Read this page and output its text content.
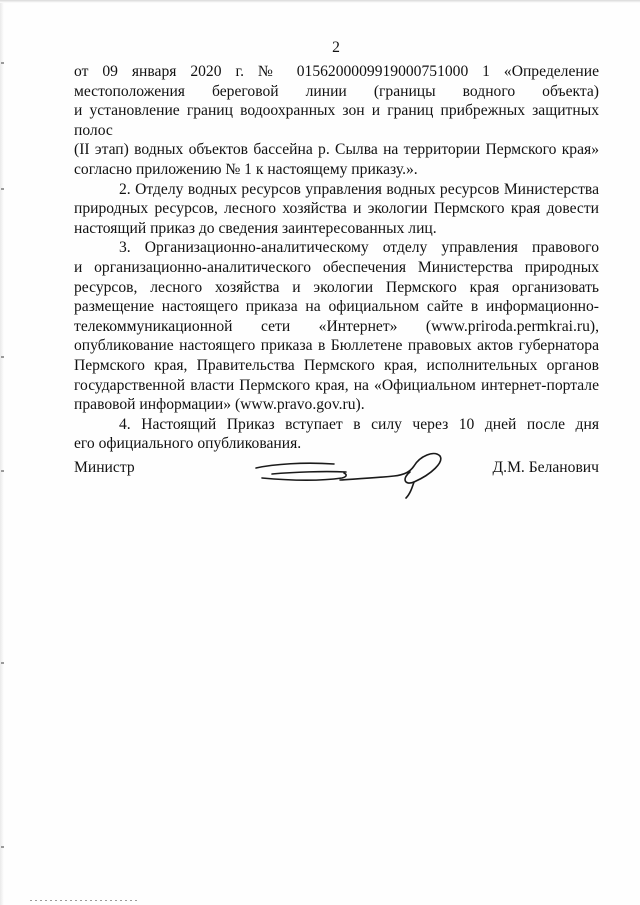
2
от 09 января 2020 г. № 0156200009919000751000 1 «Определение
местоположения береговой линии (границы водного объекта)
и установление границ водоохранных зон и границ прибрежных защитных полос
(II этап) водных объектов бассейна р. Сылва на территории Пермского края»
согласно приложению № 1 к настоящему приказу.».
2. Отделу водных ресурсов управления водных ресурсов Министерства
природных ресурсов, лесного хозяйства и экологии Пермского края довести
настоящий приказ до сведения заинтересованных лиц.
3. Организационно-аналитическому отделу управления правового
и организационно-аналитического обеспечения Министерства природных
ресурсов, лесного хозяйства и экологии Пермского края организовать
размещение настоящего приказа на официальном сайте в информационно-
телекоммуникационной сети «Интернет» (www.priroda.permkrai.ru),
опубликование настоящего приказа в Бюллетене правовых актов губернатора
Пермского края, Правительства Пермского края, исполнительных органов
государственной власти Пермского края, на «Официальном интернет-портале
правовой информации» (www.pravo.gov.ru).
4. Настоящий Приказ вступает в силу через 10 дней после дня
его официального опубликования.
Министр	Д.М. Беланович
